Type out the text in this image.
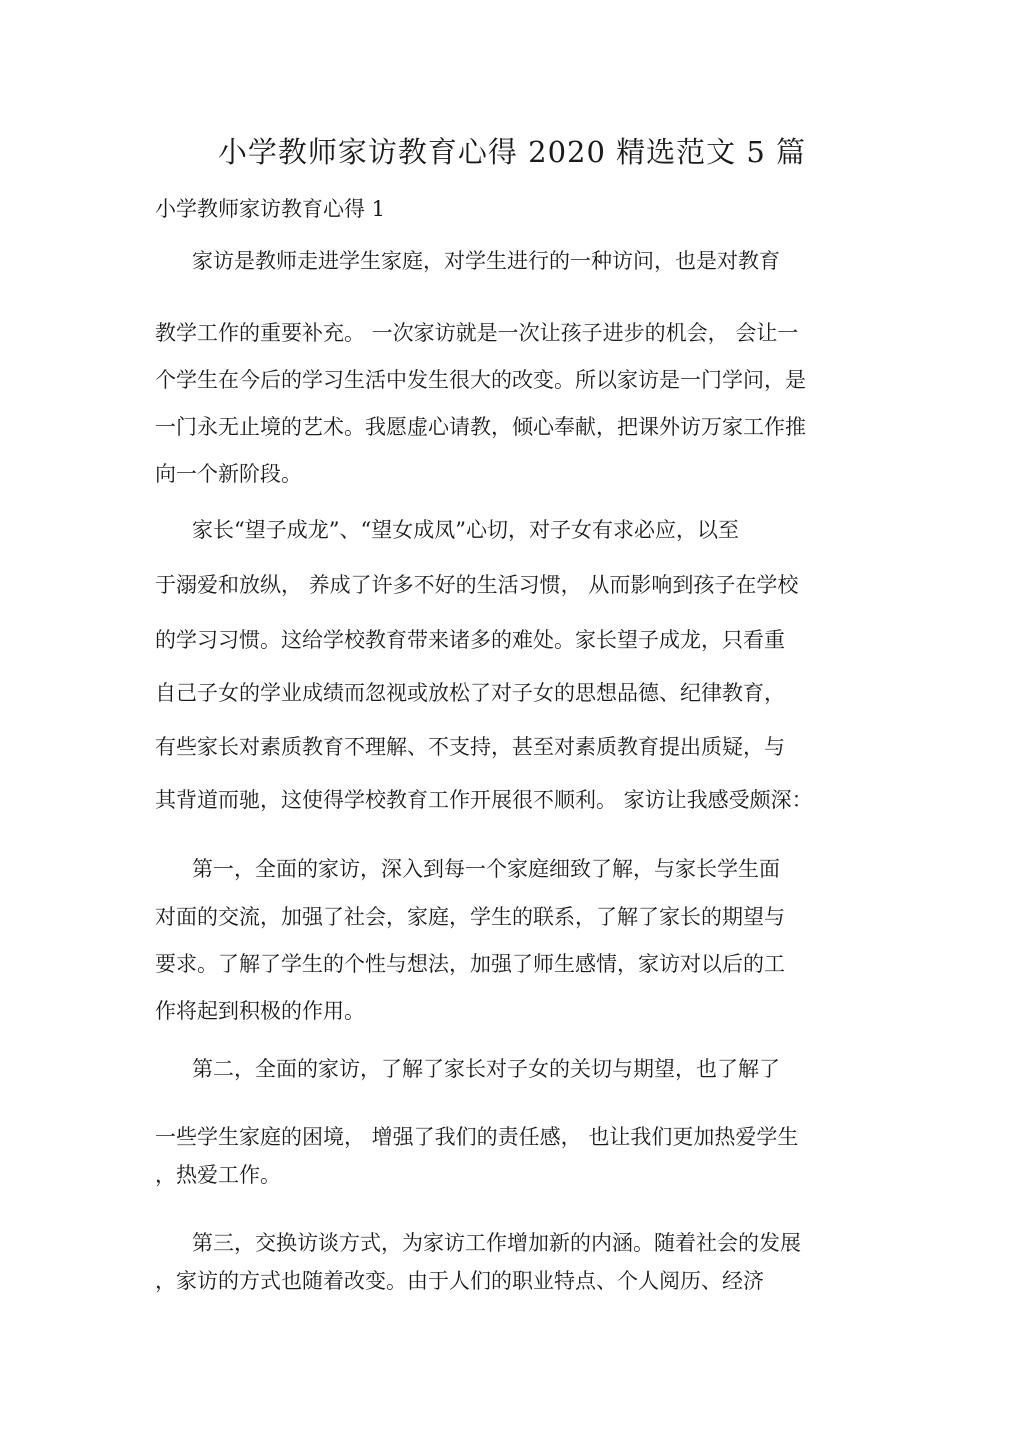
小学教师家访教育心得 2020 精选范文 5 篇

小学教师家访教育心得 1

家访是教师走进学生家庭，对学生进行的一种访问，也是对教育

教学工作的重要补充。 一次家访就是一次让孩子进步的机会， 会让一

个学生在今后的学习生活中发生很大的改变。所以家访是一门学问，是

一门永无止境的艺术。我愿虚心请教，倾心奉献，把课外访万家工作推

向一个新阶段。

家长“望子成龙”、“望女成凤”心切，对子女有求必应，以至

于溺爱和放纵， 养成了许多不好的生活习惯， 从而影响到孩子在学校

的学习习惯。这给学校教育带来诸多的难处。家长望子成龙，只看重

自己子女的学业成绩而忽视或放松了对子女的思想品德、纪律教育，

有些家长对素质教育不理解、不支持，甚至对素质教育提出质疑，与

其背道而驰，这使得学校教育工作开展很不顺利。 家访让我感受颇深：

第一，全面的家访，深入到每一个家庭细致了解，与家长学生面

对面的交流，加强了社会，家庭，学生的联系，了解了家长的期望与

要求。了解了学生的个性与想法，加强了师生感情，家访对以后的工

作将起到积极的作用。

第二，全面的家访，了解了家长对子女的关切与期望，也了解了

一些学生家庭的困境， 增强了我们的责任感， 也让我们更加热爱学生

，热爱工作。

第三，交换访谈方式，为家访工作增加新的内涵。随着社会的发展

，家访的方式也随着改变。由于人们的职业特点、个人阅历、经济
